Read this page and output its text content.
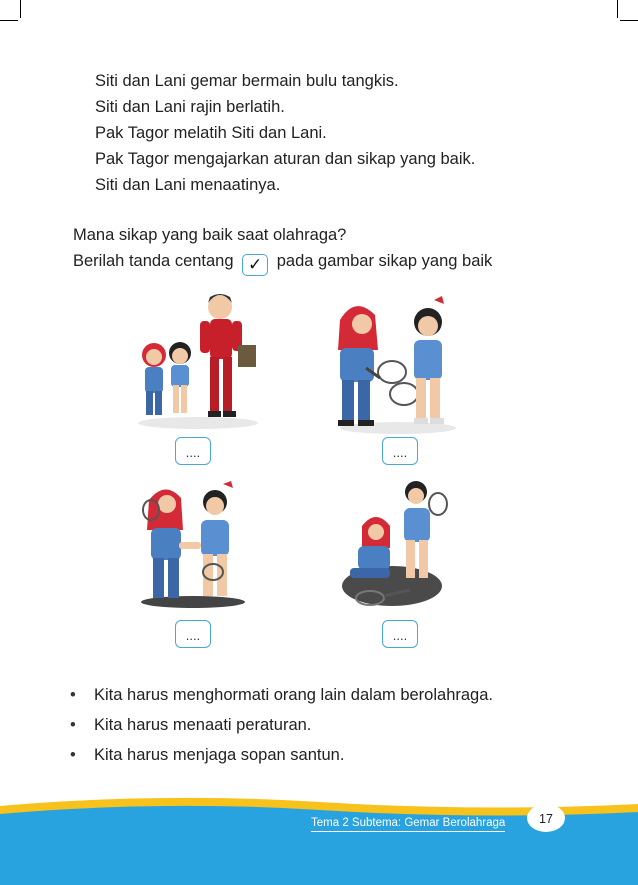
Siti dan Lani gemar bermain bulu tangkis.
Siti dan Lani rajin berlatih.
Pak Tagor melatih Siti dan Lani.
Pak Tagor mengajarkan aturan dan sikap yang baik.
Siti dan Lani menaatinya.
Mana sikap yang baik saat olahraga?
Berilah tanda centang ✓ pada gambar sikap yang baik
....	....
....	....
• Kita harus menghormati orang lain dalam berolahraga.
• Kita harus menaati peraturan.
• Kita harus menjaga sopan santun.
Tema 2 Subtema: Gemar Berolahraga	17
